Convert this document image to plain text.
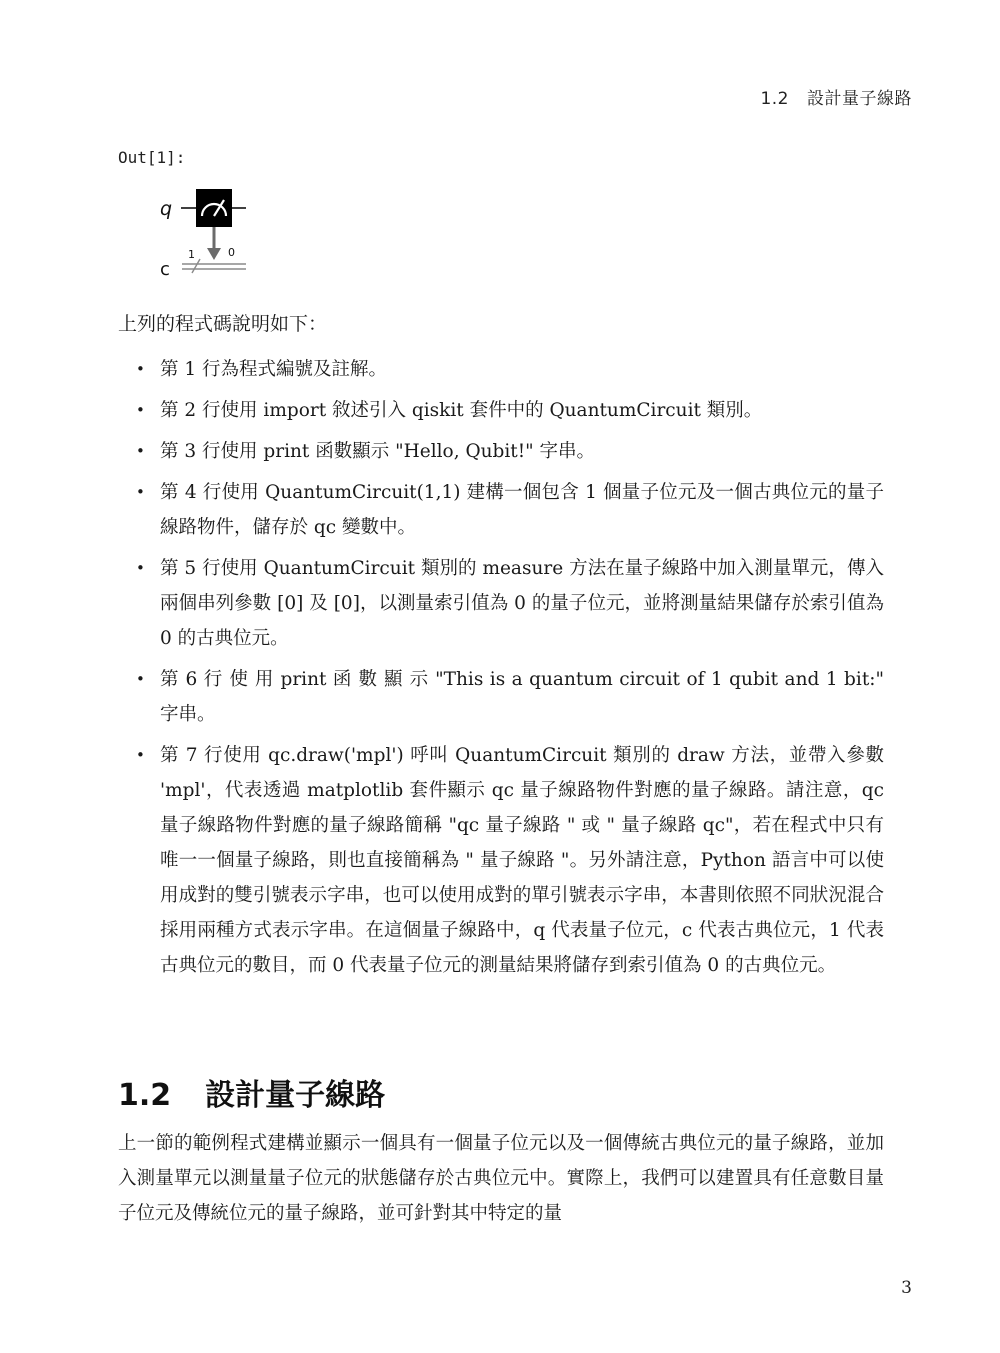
1.2 設計量子線路
Out[1]:
q
c
1	0
上列的程式碼說明如下：
• 第 1 行為程式編號及註解。
• 第 2 行使用 import 敘述引入 qiskit 套件中的 QuantumCircuit 類別。
• 第 3 行使用 print 函數顯示 "Hello, Qubit!" 字串。
• 第 4 行使用 QuantumCircuit(1,1) 建構一個包含 1 個量子位元及一個古典位元的量子線路物件，儲存於 qc 變數中。
• 第 5 行使用 QuantumCircuit 類別的 measure 方法在量子線路中加入測量單元，傳入兩個串列參數 [0] 及 [0]，以測量索引值為 0 的量子位元，並將測量結果儲存於索引值為 0 的古典位元。
• 第 6 行 使 用 print 函 數 顯 示 "This is a quantum circuit of 1 qubit and 1 bit:" 字串。
• 第 7 行使用 qc.draw('mpl') 呼叫 QuantumCircuit 類別的 draw 方法，並帶入參數 'mpl'，代表透過 matplotlib 套件顯示 qc 量子線路物件對應的量子線路。請注意，qc 量子線路物件對應的量子線路簡稱 "qc 量子線路 " 或 " 量子線路 qc"，若在程式中只有唯一一個量子線路，則也直接簡稱為 " 量子線路 "。另外請注意，Python 語言中可以使用成對的雙引號表示字串，也可以使用成對的單引號表示字串，本書則依照不同狀況混合採用兩種方式表示字串。在這個量子線路中，q 代表量子位元，c 代表古典位元，1 代表古典位元的數目，而 0 代表量子位元的測量結果將儲存到索引值為 0 的古典位元。
1.2 設計量子線路
上一節的範例程式建構並顯示一個具有一個量子位元以及一個傳統古典位元的量子線路，並加入測量單元以測量量子位元的狀態儲存於古典位元中。實際上，我們可以建置具有任意數目量子位元及傳統位元的量子線路，並可針對其中特定的量
3
